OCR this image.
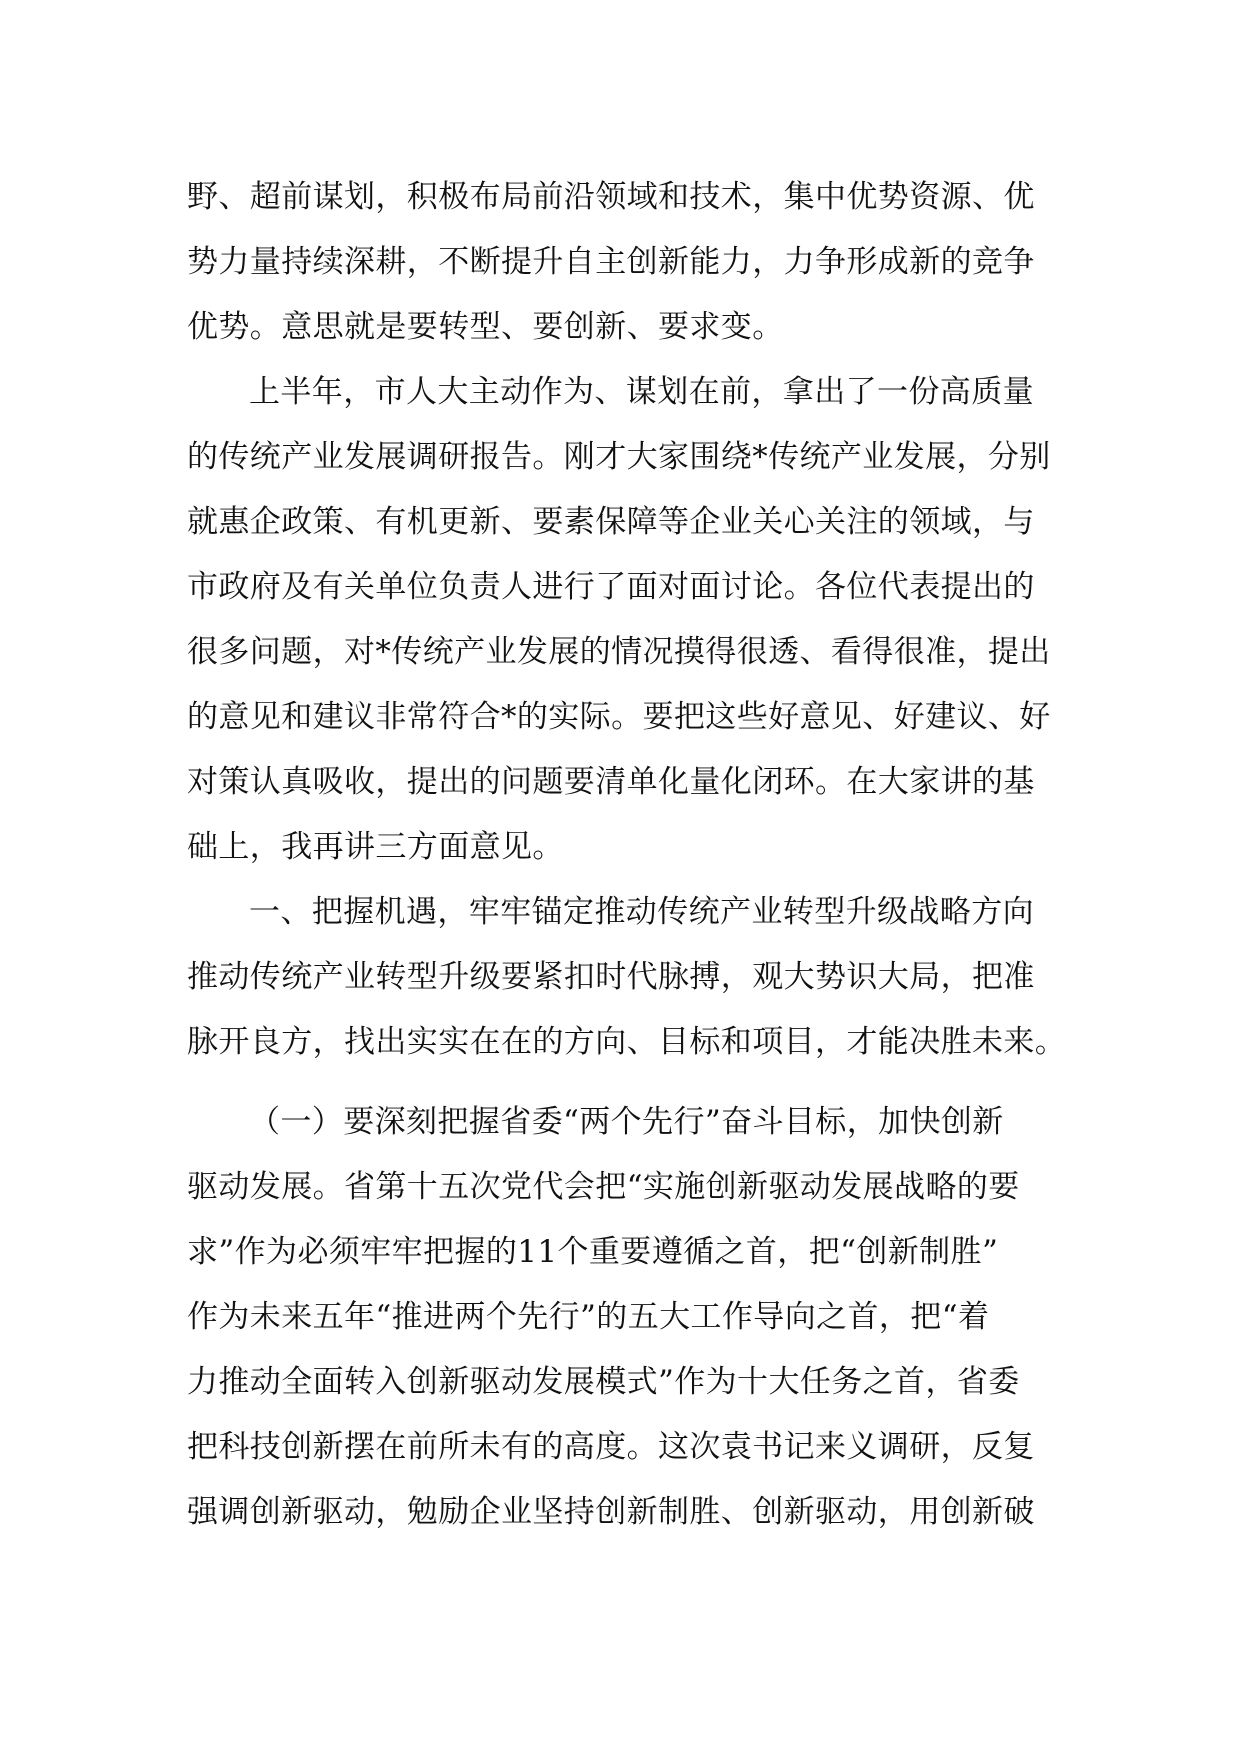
野、超前谋划，积极布局前沿领域和技术，集中优势资源、优
势力量持续深耕，不断提升自主创新能力，力争形成新的竞争
优势。意思就是要转型、要创新、要求变。
上半年，市人大主动作为、谋划在前，拿出了一份高质量
的传统产业发展调研报告。刚才大家围绕*传统产业发展，分别
就惠企政策、有机更新、要素保障等企业关心关注的领域，与
市政府及有关单位负责人进行了面对面讨论。各位代表提出的
很多问题，对*传统产业发展的情况摸得很透、看得很准，提出
的意见和建议非常符合*的实际。要把这些好意见、好建议、好
对策认真吸收，提出的问题要清单化量化闭环。在大家讲的基
础上，我再讲三方面意见。
一、把握机遇，牢牢锚定推动传统产业转型升级战略方向
推动传统产业转型升级要紧扣时代脉搏，观大势识大局，把准
脉开良方，找出实实在在的方向、目标和项目，才能决胜未来。
（一）要深刻把握省委“两个先行”奋斗目标，加快创新
驱动发展。省第十五次党代会把“实施创新驱动发展战略的要
求”作为必须牢牢把握的11个重要遵循之首，把“创新制胜”
作为未来五年“推进两个先行”的五大工作导向之首，把“着
力推动全面转入创新驱动发展模式”作为十大任务之首，省委
把科技创新摆在前所未有的高度。这次袁书记来义调研，反复
强调创新驱动，勉励企业坚持创新制胜、创新驱动，用创新破
